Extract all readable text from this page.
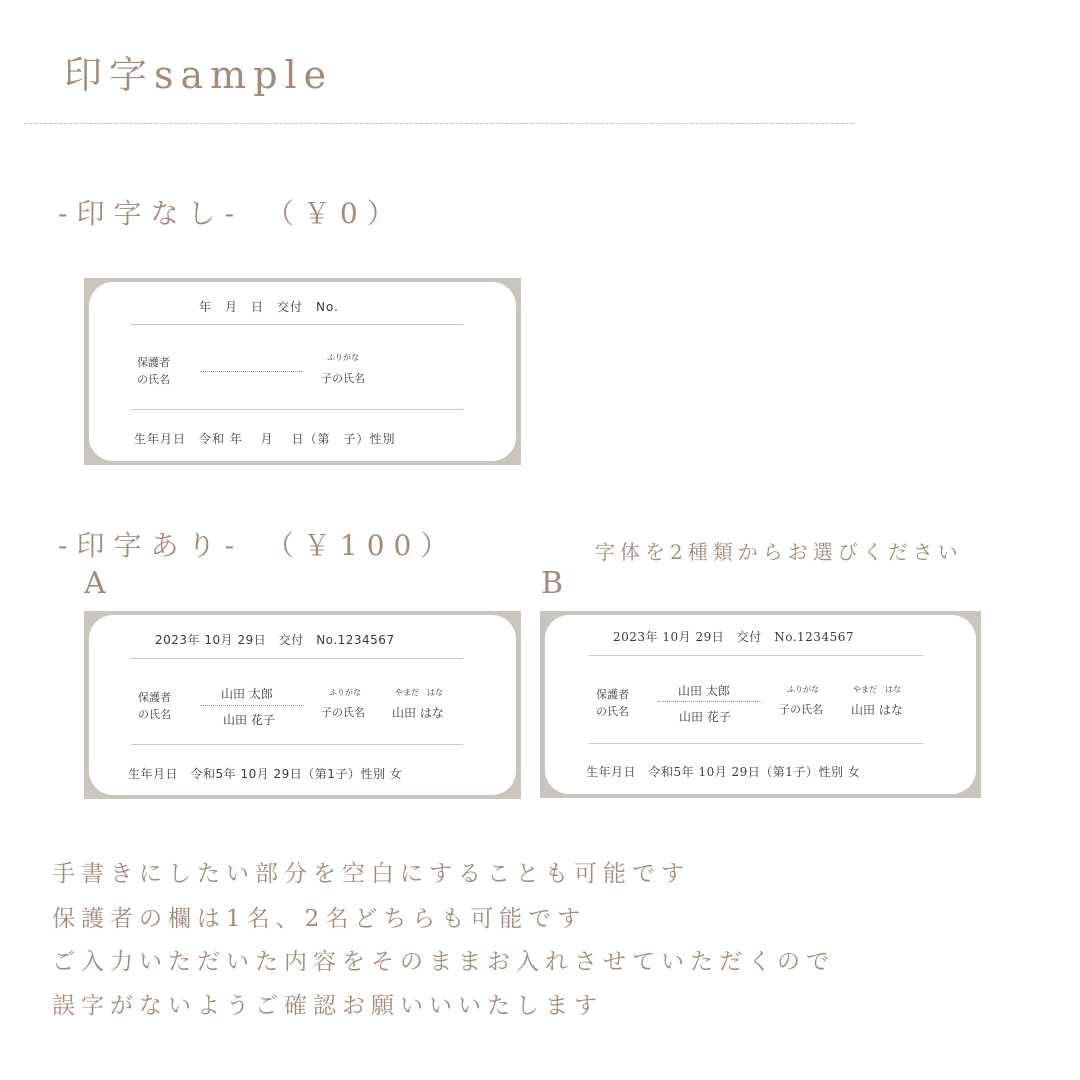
印字sample
-印字なし-　（￥0）
年　月　日　交付　No.
保護者
の氏名
ふりがな
子の氏名
生年月日　令和 年　 月 　日（第　子）性別
-印字あり-　（￥100）	字体を2種類からお選びください
A	B
2023年 10月 29日　交付　No.1234567
保護者
の氏名
山田 太郎
山田 花子
ふりがな	やまだ　はな
子の氏名 山田 はな
生年月日　令和5年 10月 29日（第1子）性別 女
2023年 10月 29日　交付　No.1234567
保護者
の氏名
山田 太郎
山田 花子
ふりがな	やまだ　はな
子の氏名 山田 はな
生年月日　令和5年 10月 29日（第1子）性別 女
手書きにしたい部分を空白にすることも可能です
保護者の欄は1名、2名どちらも可能です
ご入力いただいた内容をそのままお入れさせていただくので
誤字がないようご確認お願いいいたします
